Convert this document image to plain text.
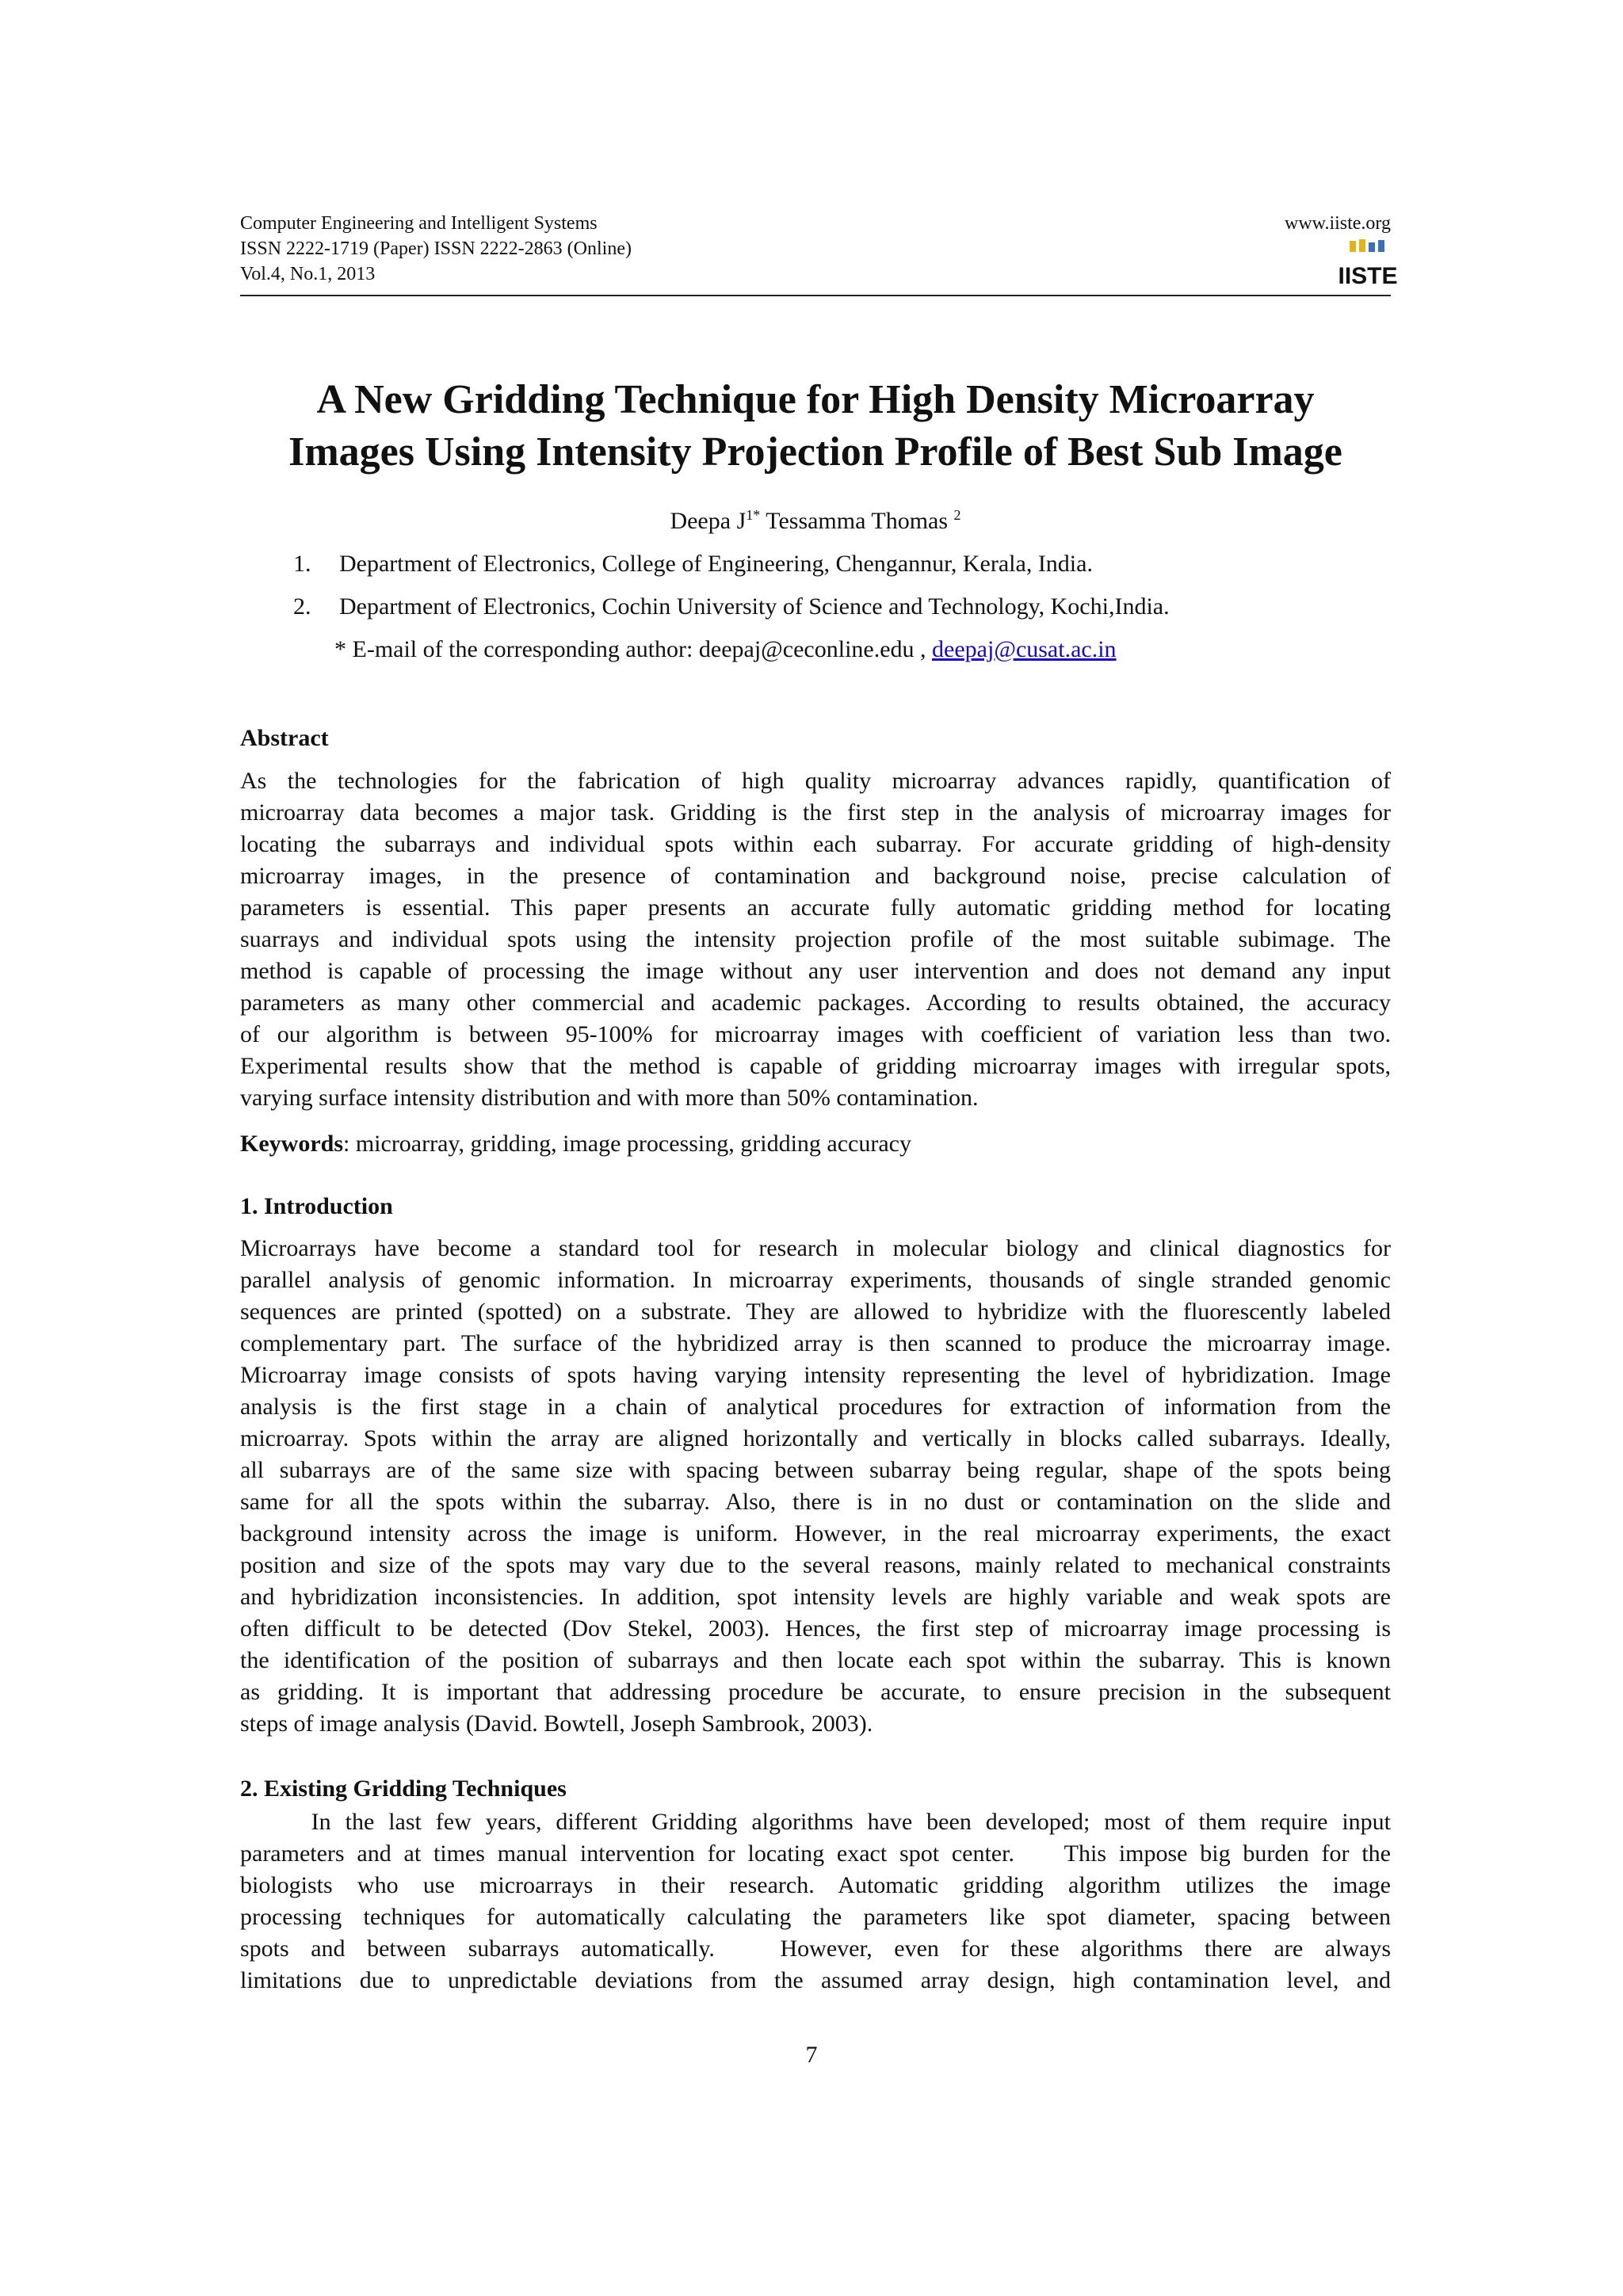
Computer Engineering and Intelligent Systems
ISSN 2222-1719 (Paper) ISSN 2222-2863 (Online)
Vol.4, No.1, 2013
www.iiste.org
IISTE
A New Gridding Technique for High Density Microarray
Images Using Intensity Projection Profile of Best Sub Image
Deepa $J^{1*}$ Tessamma Thomas $^2$
1. Department of Electronics, College of Engineering, Chengannur, Kerala, India.
2. Department of Electronics, Cochin University of Science and Technology, Kochi,India.
* E-mail of the corresponding author: deepaj@ceconline.edu , deepaj@cusat.ac.in
Abstract
As the technologies for the fabrication of high quality microarray advances rapidly, quantification of
microarray data becomes a major task. Gridding is the first step in the analysis of microarray images for
locating the subarrays and individual spots within each subarray. For accurate gridding of high-density
microarray images, in the presence of contamination and background noise, precise calculation of
parameters is essential. This paper presents an accurate fully automatic gridding method for locating
suarrays and individual spots using the intensity projection profile of the most suitable subimage. The
method is capable of processing the image without any user intervention and does not demand any input
parameters as many other commercial and academic packages. According to results obtained, the accuracy
of our algorithm is between 95-100% for microarray images with coefficient of variation less than two.
Experimental results show that the method is capable of gridding microarray images with irregular spots,
varying surface intensity distribution and with more than 50% contamination.
Keywords: microarray, gridding, image processing, gridding accuracy
1. Introduction
Microarrays have become a standard tool for research in molecular biology and clinical diagnostics for
parallel analysis of genomic information. In microarray experiments, thousands of single stranded genomic
sequences are printed (spotted) on a substrate. They are allowed to hybridize with the fluorescently labeled
complementary part. The surface of the hybridized array is then scanned to produce the microarray image.
Microarray image consists of spots having varying intensity representing the level of hybridization. Image
analysis is the first stage in a chain of analytical procedures for extraction of information from the
microarray. Spots within the array are aligned horizontally and vertically in blocks called subarrays. Ideally,
all subarrays are of the same size with spacing between subarray being regular, shape of the spots being
same for all the spots within the subarray. Also, there is in no dust or contamination on the slide and
background intensity across the image is uniform. However, in the real microarray experiments, the exact
position and size of the spots may vary due to the several reasons, mainly related to mechanical constraints
and hybridization inconsistencies. In addition, spot intensity levels are highly variable and weak spots are
often difficult to be detected (Dov Stekel, 2003). Hences, the first step of microarray image processing is
the identification of the position of subarrays and then locate each spot within the subarray. This is known
as gridding. It is important that addressing procedure be accurate, to ensure precision in the subsequent
steps of image analysis (David. Bowtell, Joseph Sambrook, 2003).
2. Existing Gridding Techniques
In the last few years, different Gridding algorithms have been developed; most of them require input
parameters and at times manual intervention for locating exact spot center.    This impose big burden for the
biologists who use microarrays in their research. Automatic gridding algorithm utilizes the image
processing techniques for automatically calculating the parameters like spot diameter, spacing between
spots and between subarrays automatically.   However, even for these algorithms there are always
limitations due to unpredictable deviations from the assumed array design, high contamination level, and
7
